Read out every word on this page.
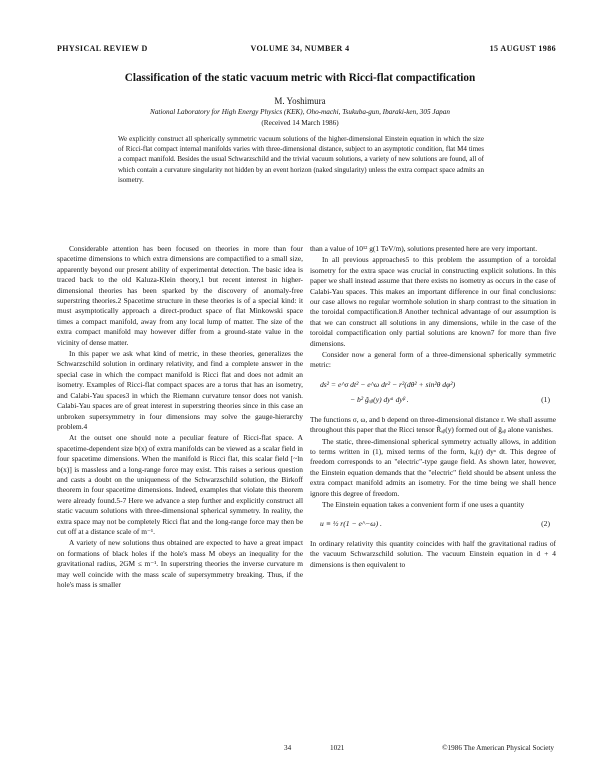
PHYSICAL REVIEW D	VOLUME 34, NUMBER 4	15 AUGUST 1986
Classification of the static vacuum metric with Ricci-flat compactification
M. Yoshimura
National Laboratory for High Energy Physics (KEK), Oho-machi, Tsukuba-gun, Ibaraki-ken, 305 Japan
(Received 14 March 1986)
We explicitly construct all spherically symmetric vacuum solutions of the higher-dimensional Einstein equation in which the size of Ricci-flat compact internal manifolds varies with three-dimensional distance, subject to an asymptotic condition, flat M4 times a compact manifold. Besides the usual Schwarzschild and the trivial vacuum solutions, a variety of new solutions are found, all of which contain a curvature singularity not hidden by an event horizon (naked singularity) unless the extra compact space admits an isometry.

Considerable attention has been focused on theories in more than four spacetime dimensions to which extra dimensions are compactified to a small size, apparently beyond our present ability of experimental detection. The basic idea is traced back to the old Kaluza-Klein theory,1 but recent interest in higher-dimensional theories has been sparked by the discovery of anomaly-free superstring theories.2 Spacetime structure in these theories is of a special kind: it must asymptotically approach a direct-product space of flat Minkowski space times a compact manifold, away from any local lump of matter. The size of the extra compact manifold may however differ from a ground-state value in the vicinity of dense matter.

In this paper we ask what kind of metric, in these theories, generalizes the Schwarzschild solution in ordinary relativity, and find a complete answer in the special case in which the compact manifold is Ricci flat and does not admit an isometry. Examples of Ricci-flat compact spaces are a torus that has an isometry, and Calabi-Yau spaces3 in which the Riemann curvature tensor does not vanish. Calabi-Yau spaces are of great interest in superstring theories since in this case an unbroken supersymmetry in four dimensions may solve the gauge-hierarchy problem.4

At the outset one should note a peculiar feature of Ricci-flat space. A spacetime-dependent size b(x) of extra manifolds can be viewed as a scalar field in four spacetime dimensions. When the manifold is Ricci flat, this scalar field [~ln b(x)] is massless and a long-range force may exist. This raises a serious question and casts a doubt on the uniqueness of the Schwarzschild solution, the Birkoff theorem in four spacetime dimensions. Indeed, examples that violate this theorem were already found.5-7 Here we advance a step further and explicitly construct all static vacuum solutions with three-dimensional spherical symmetry. In reality, the extra space may not be completely Ricci flat and the long-range force may then be cut off at a distance scale of m⁻¹.

A variety of new solutions thus obtained are expected to have a great impact on formations of black holes if the hole's mass M obeys an inequality for the gravitational radius, 2GM ≤ m⁻¹. In superstring theories the inverse curvature m may well coincide with the mass scale of supersymmetry breaking. Thus, if the hole's mass is smaller

than a value of 10¹² g(1 TeV/m), solutions presented here are very important.

In all previous approaches5 to this problem the assumption of a toroidal isometry for the extra space was crucial in constructing explicit solutions. In this paper we shall instead assume that there exists no isometry as occurs in the case of Calabi-Yau spaces. This makes an important difference in our final conclusions: our case allows no regular wormhole solution in sharp contrast to the situation in the toroidal compactification.8 Another technical advantage of our assumption is that we can construct all solutions in any dimensions, while in the case of the toroidal compactification only partial solutions are known7 for more than five dimensions.

Consider now a general form of a three-dimensional spherically symmetric metric:

ds² = e^σ dt² − e^ω dr² − r²(dθ² + sin²θ dφ²)
− b² g̃ₐᵦ(y) dyᵃ dyᵝ .	(1)

The functions σ, ω, and b depend on three-dimensional distance r. We shall assume throughout this paper that the Ricci tensor R̃ₐᵦ(y) formed out of g̃ₐᵦ alone vanishes.

The static, three-dimensional spherical symmetry actually allows, in addition to terms written in (1), mixed terms of the form, kₐ(r) dyᵃ dt. This degree of freedom corresponds to an "electric"-type gauge field. As shown later, however, the Einstein equation demands that the "electric" field should be absent unless the extra compact manifold admits an isometry. For the time being we shall hence ignore this degree of freedom.

The Einstein equation takes a convenient form if one uses a quantity

u ≡ ½ r(1 − e^−ω) .	(2)

In ordinary relativity this quantity coincides with half the gravitational radius of the vacuum Schwarzschild solution. The vacuum Einstein equation in d + 4 dimensions is then equivalent to

34	1021	©1986 The American Physical Society
